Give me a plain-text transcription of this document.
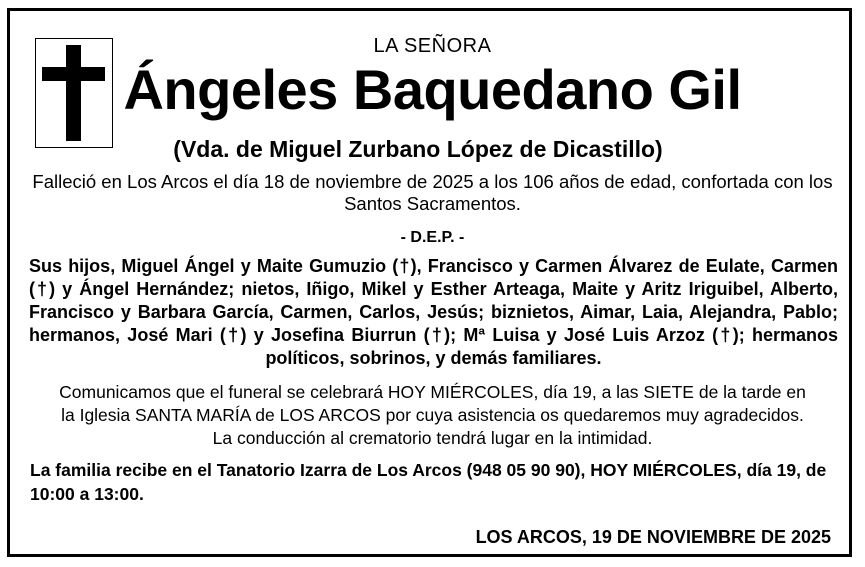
LA SEÑORA
Ángeles Baquedano Gil
(Vda. de Miguel Zurbano López de Dicastillo)
Falleció en Los Arcos el día 18 de noviembre de 2025 a los 106 años de edad, confortada con los Santos Sacramentos.
- D.E.P. -
Sus hijos, Miguel Ángel y Maite Gumuzio (†), Francisco y Carmen Álvarez de Eulate, Carmen (†) y Ángel Hernández; nietos, Iñigo, Mikel y Esther Arteaga, Maite y Aritz Iriguibel, Alberto, Francisco y Barbara García, Carmen, Carlos, Jesús; biznietos, Aimar, Laia, Alejandra, Pablo; hermanos, José Mari (†) y Josefina Biurrun (†); Mª Luisa y José Luis Arzoz (†); hermanos políticos, sobrinos, y demás familiares.
Comunicamos que el funeral se celebrará HOY MIÉRCOLES, día 19, a las SIETE de la tarde en
la Iglesia SANTA MARÍA de LOS ARCOS por cuya asistencia os quedaremos muy agradecidos.
La conducción al crematorio tendrá lugar en la intimidad.
La familia recibe en el Tanatorio Izarra de Los Arcos (948 05 90 90), HOY MIÉRCOLES, día 19, de 10:00 a 13:00.
LOS ARCOS, 19 DE NOVIEMBRE DE 2025
